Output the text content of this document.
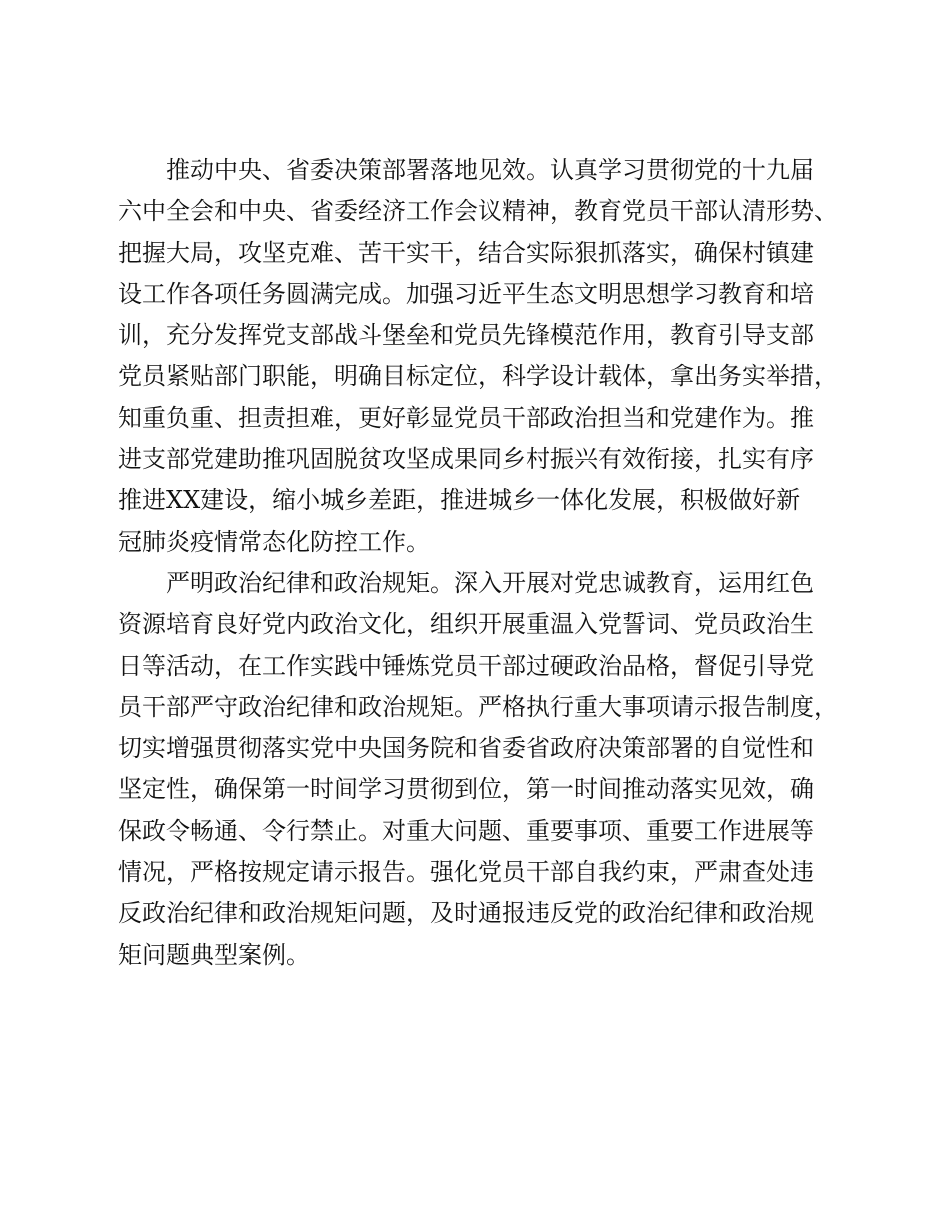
推动中央、省委决策部署落地见效。认真学习贯彻党的十九届
六中全会和中央、省委经济工作会议精神，教育党员干部认清形势、
把握大局，攻坚克难、苦干实干，结合实际狠抓落实，确保村镇建
设工作各项任务圆满完成。加强习近平生态文明思想学习教育和培
训，充分发挥党支部战斗堡垒和党员先锋模范作用，教育引导支部
党员紧贴部门职能，明确目标定位，科学设计载体，拿出务实举措，
知重负重、担责担难，更好彰显党员干部政治担当和党建作为。推
进支部党建助推巩固脱贫攻坚成果同乡村振兴有效衔接，扎实有序
推进XX建设，缩小城乡差距，推进城乡一体化发展，积极做好新
冠肺炎疫情常态化防控工作。
严明政治纪律和政治规矩。深入开展对党忠诚教育，运用红色
资源培育良好党内政治文化，组织开展重温入党誓词、党员政治生
日等活动，在工作实践中锤炼党员干部过硬政治品格，督促引导党
员干部严守政治纪律和政治规矩。严格执行重大事项请示报告制度，
切实增强贯彻落实党中央国务院和省委省政府决策部署的自觉性和
坚定性，确保第一时间学习贯彻到位，第一时间推动落实见效，确
保政令畅通、令行禁止。对重大问题、重要事项、重要工作进展等
情况，严格按规定请示报告。强化党员干部自我约束，严肃查处违
反政治纪律和政治规矩问题，及时通报违反党的政治纪律和政治规
矩问题典型案例。
